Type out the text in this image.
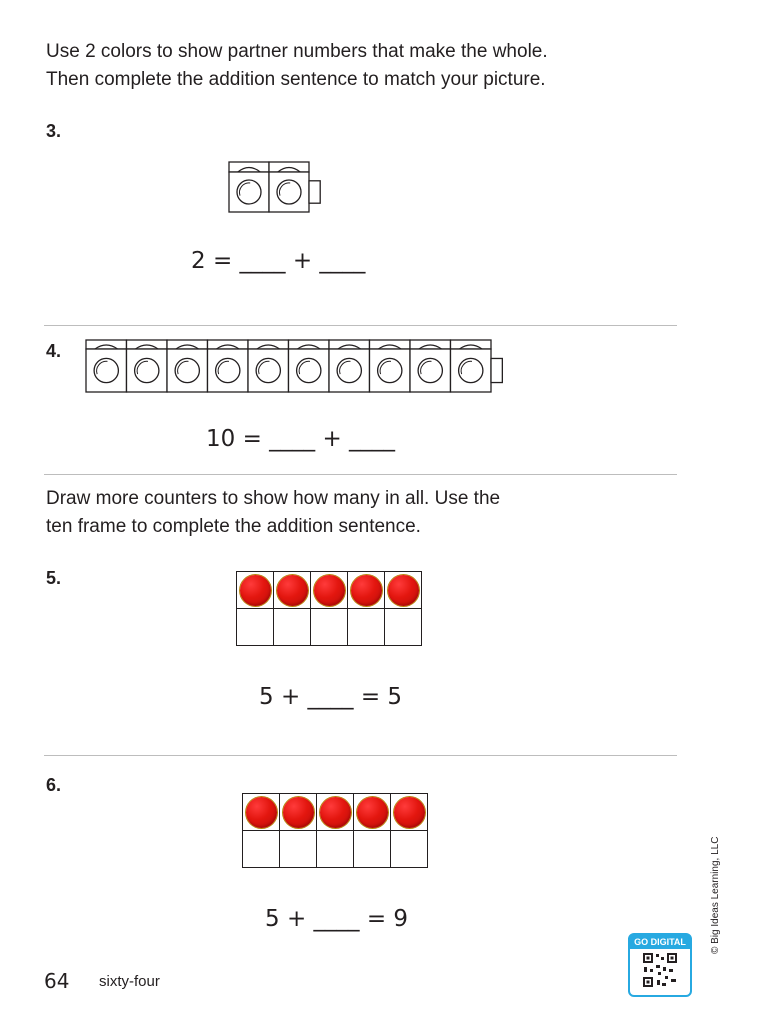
Use 2 colors to show partner numbers that make the whole.
Then complete the addition sentence to match your picture.
3.
2 = ____ + ____
4.
10 = ____ + ____
Draw more counters to show how many in all. Use the
ten frame to complete the addition sentence.
5.

5 + ____ = 5
6.

5 + ____ = 9
64 sixty-four
© Big Ideas Learning, LLC
GO DIGITAL
